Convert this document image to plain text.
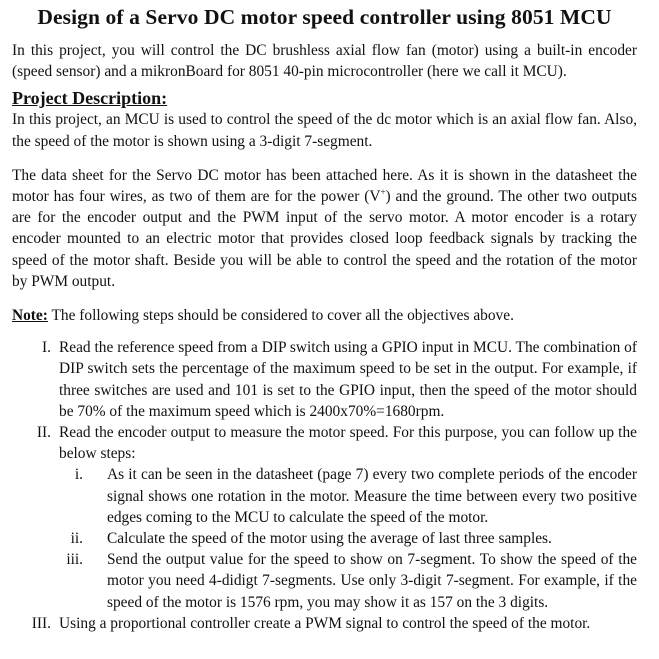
Design of a Servo DC motor speed controller using 8051 MCU

In this project, you will control the DC brushless axial flow fan (motor) using a built-in encoder (speed sensor) and a mikronBoard for 8051 40-pin microcontroller (here we call it MCU).

Project Description:

In this project, an MCU is used to control the speed of the dc motor which is an axial flow fan. Also, the speed of the motor is shown using a 3-digit 7-segment.

The data sheet for the Servo DC motor has been attached here. As it is shown in the datasheet the motor has four wires, as two of them are for the power (V+) and the ground. The other two outputs are for the encoder output and the PWM input of the servo motor. A motor encoder is a rotary encoder mounted to an electric motor that provides closed loop feedback signals by tracking the speed of the motor shaft. Beside you will be able to control the speed and the rotation of the motor by PWM output.

Note: The following steps should be considered to cover all the objectives above.

I. Read the reference speed from a DIP switch using a GPIO input in MCU. The combination of DIP switch sets the percentage of the maximum speed to be set in the output. For example, if three switches are used and 101 is set to the GPIO input, then the speed of the motor should be 70% of the maximum speed which is 2400x70%=1680rpm.
II. Read the encoder output to measure the motor speed. For this purpose, you can follow up the below steps:
i. As it can be seen in the datasheet (page 7) every two complete periods of the encoder signal shows one rotation in the motor. Measure the time between every two positive edges coming to the MCU to calculate the speed of the motor.
ii. Calculate the speed of the motor using the average of last three samples.
iii. Send the output value for the speed to show on 7-segment. To show the speed of the motor you need 4-didigt 7-segments. Use only 3-digit 7-segment. For example, if the speed of the motor is 1576 rpm, you may show it as 157 on the 3 digits.
III. Using a proportional controller create a PWM signal to control the speed of the motor.
